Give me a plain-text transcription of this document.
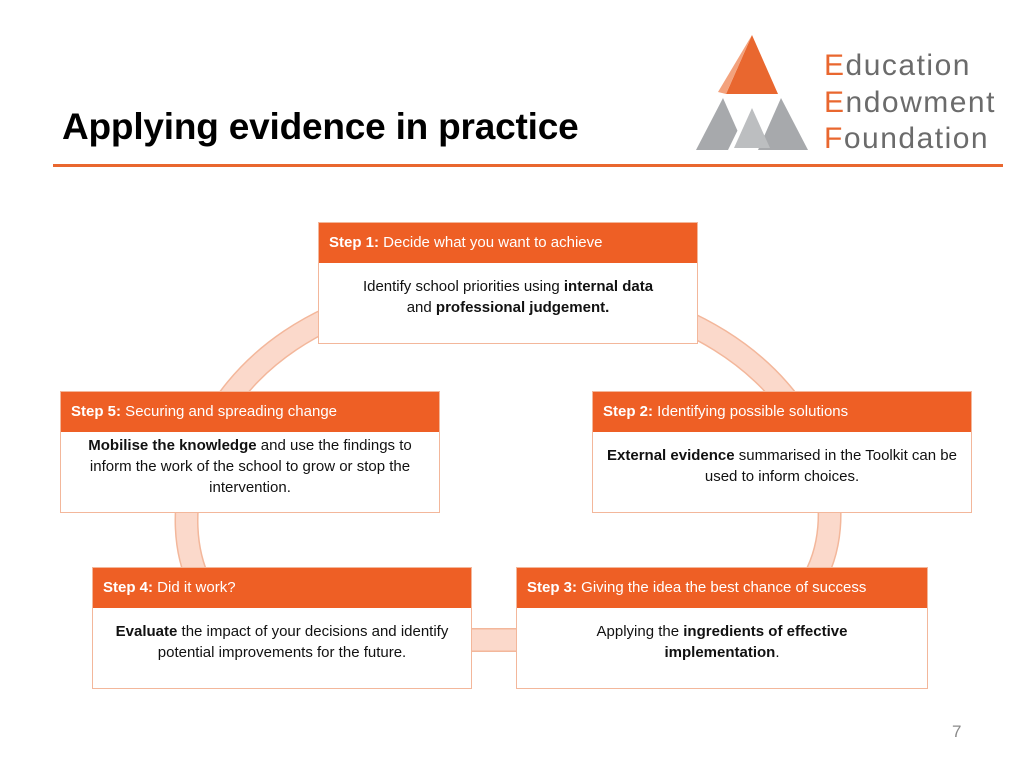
Applying evidence in practice
Education
Endowment
Foundation
Step 1: Decide what you want to achieve
Identify school priorities using internal data
and professional judgement.
Step 2: Identifying possible solutions
External evidence summarised in the Toolkit can be used to inform choices.
Step 3: Giving the idea the best chance of success
Applying the ingredients of effective implementation.
Step 4: Did it work?
Evaluate the impact of your decisions and identify potential improvements for the future.
Step 5: Securing and spreading change
Mobilise the knowledge and use the findings to inform the work of the school to grow or stop the intervention.
7
